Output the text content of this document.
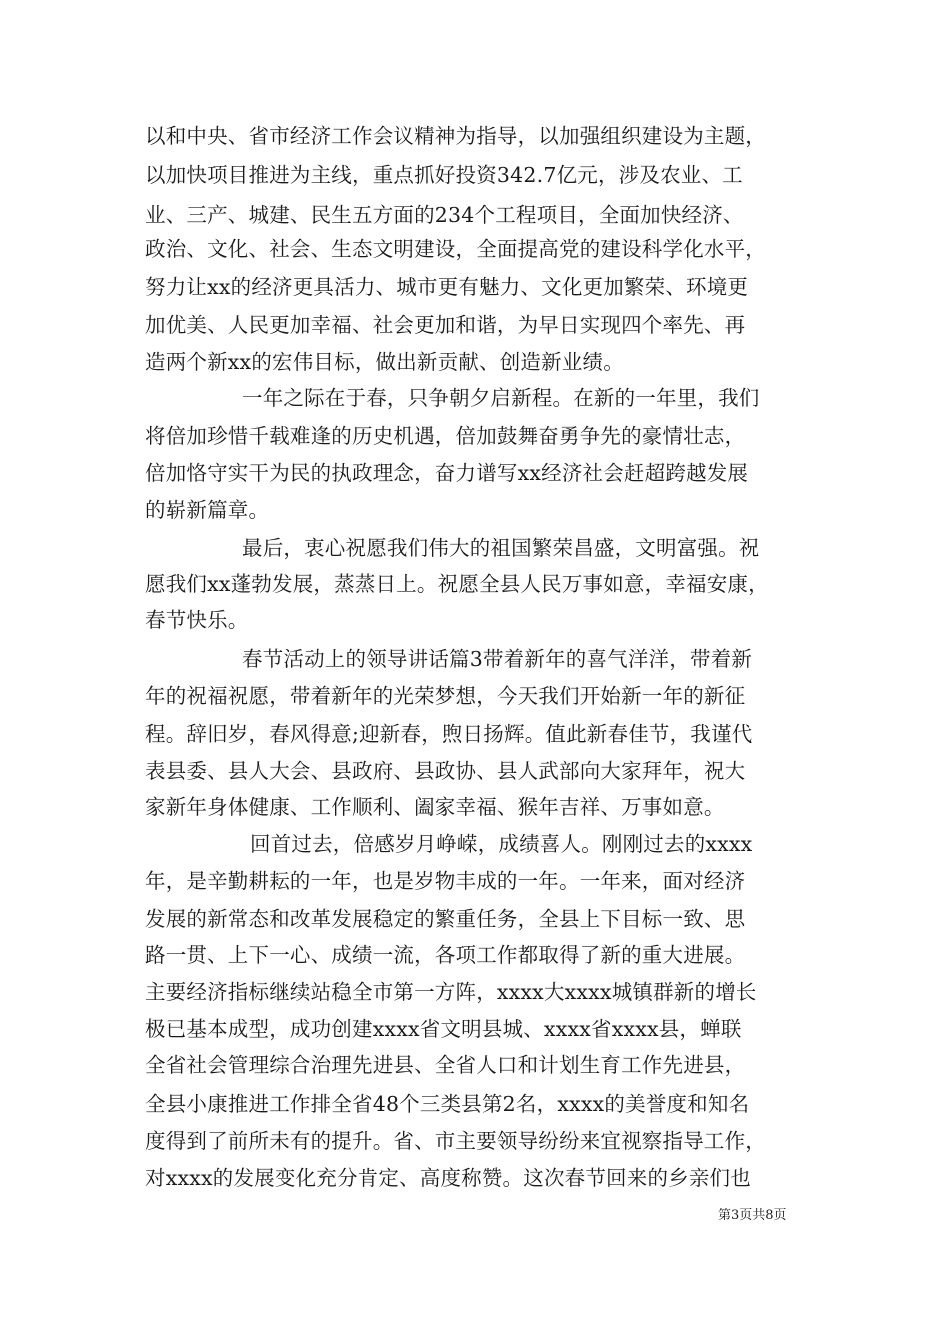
以和中央、省市经济工作会议精神为指导，以加强组织建设为主题，
以加快项目推进为主线，重点抓好投资342.7亿元，涉及农业、工
业、三产、城建、民生五方面的234个工程项目，全面加快经济、
政治、文化、社会、生态文明建设，全面提高党的建设科学化水平，
努力让xx的经济更具活力、城市更有魅力、文化更加繁荣、环境更
加优美、人民更加幸福、社会更加和谐，为早日实现四个率先、再
造两个新xx的宏伟目标，做出新贡献、创造新业绩。
一年之际在于春，只争朝夕启新程。在新的一年里，我们
将倍加珍惜千载难逢的历史机遇，倍加鼓舞奋勇争先的豪情壮志，
倍加恪守实干为民的执政理念，奋力谱写xx经济社会赶超跨越发展
的崭新篇章。
最后，衷心祝愿我们伟大的祖国繁荣昌盛，文明富强。祝
愿我们xx蓬勃发展，蒸蒸日上。祝愿全县人民万事如意，幸福安康，
春节快乐。
春节活动上的领导讲话篇3带着新年的喜气洋洋，带着新
年的祝福祝愿，带着新年的光荣梦想，今天我们开始新一年的新征
程。辞旧岁，春风得意;迎新春，煦日扬辉。值此新春佳节，我谨代
表县委、县人大会、县政府、县政协、县人武部向大家拜年，祝大
家新年身体健康、工作顺利、阖家幸福、猴年吉祥、万事如意。
回首过去，倍感岁月峥嵘，成绩喜人。刚刚过去的xxxx
年，是辛勤耕耘的一年，也是岁物丰成的一年。一年来，面对经济
发展的新常态和改革发展稳定的繁重任务，全县上下目标一致、思
路一贯、上下一心、成绩一流，各项工作都取得了新的重大进展。
主要经济指标继续站稳全市第一方阵，xxxx大xxxx城镇群新的增长
极已基本成型，成功创建xxxx省文明县城、xxxx省xxxx县，蝉联
全省社会管理综合治理先进县、全省人口和计划生育工作先进县，
全县小康推进工作排全省48个三类县第2名，xxxx的美誉度和知名
度得到了前所未有的提升。省、市主要领导纷纷来宜视察指导工作，
对xxxx的发展变化充分肯定、高度称赞。这次春节回来的乡亲们也
第3页共8页
